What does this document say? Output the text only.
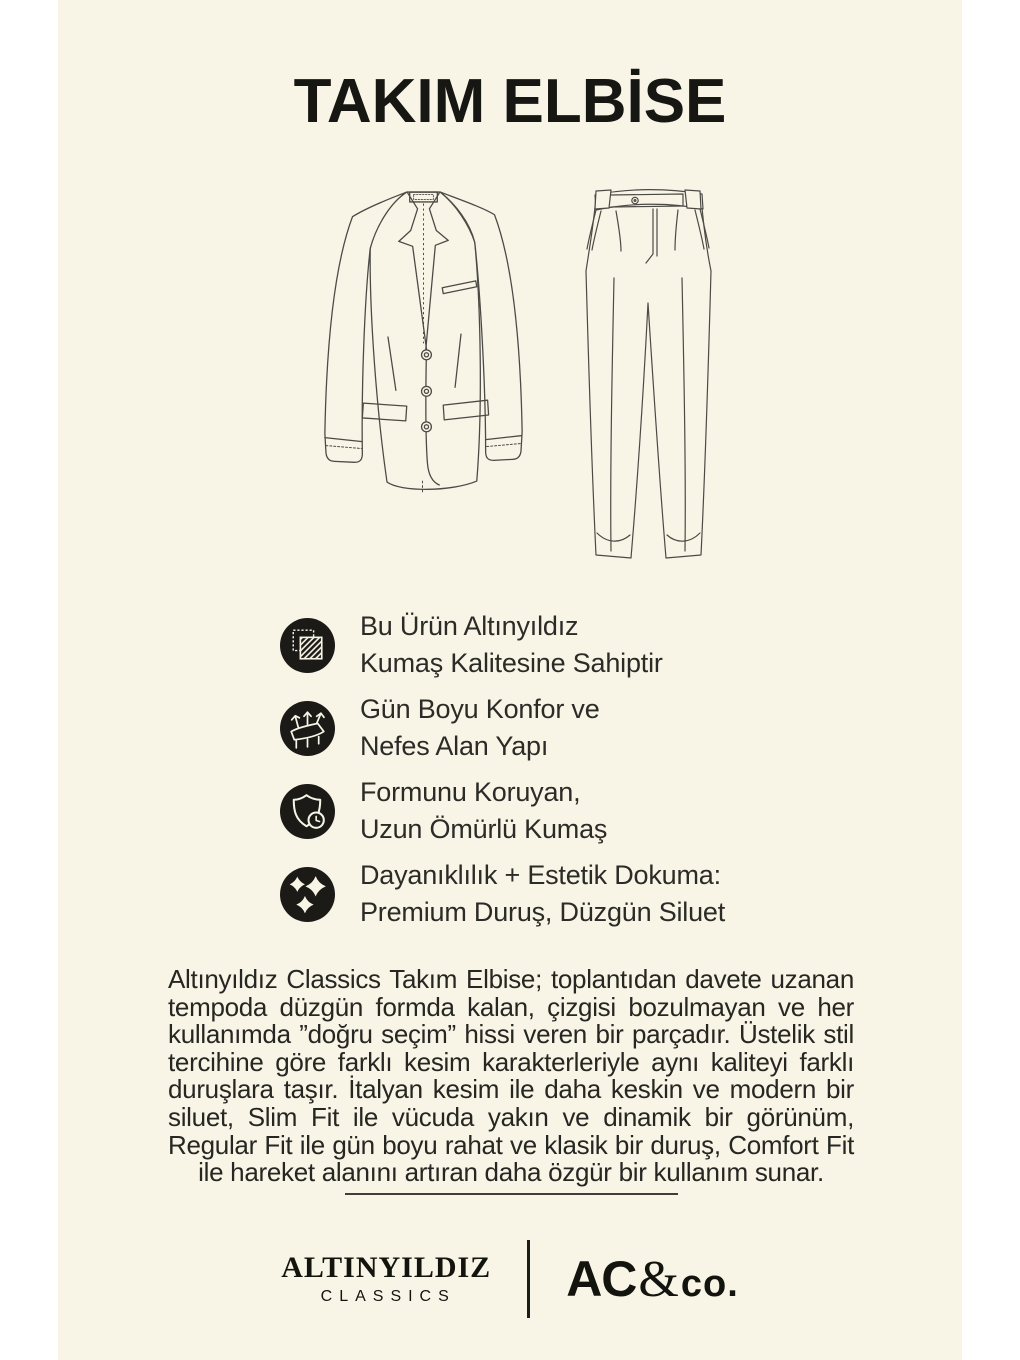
TAKIM ELBİSE
Bu Ürün Altınyıldız
Kumaş Kalitesine Sahiptir
Gün Boyu Konfor ve
Nefes Alan Yapı
Formunu Koruyan,
Uzun Ömürlü Kumaş
Dayanıklılık + Estetik Dokuma:
Premium Duruş, Düzgün Siluet

Altınyıldız Classics Takım Elbise; toplantıdan davete uzanan tempoda düzgün formda kalan, çizgisi bozulmayan ve her kullanımda ”doğru seçim” hissi veren bir parçadır. Üstelik stil tercihine göre farklı kesim karakterleriyle aynı kaliteyi farklı duruşlara taşır. İtalyan kesim ile daha keskin ve modern bir siluet, Slim Fit ile vücuda yakın ve dinamik bir görünüm, Regular Fit ile gün boyu rahat ve klasik bir duruş, Comfort Fit ile hareket alanını artıran daha özgür bir kullanım sunar.

ALTINYILDIZ
CLASSICS	AC & co.
